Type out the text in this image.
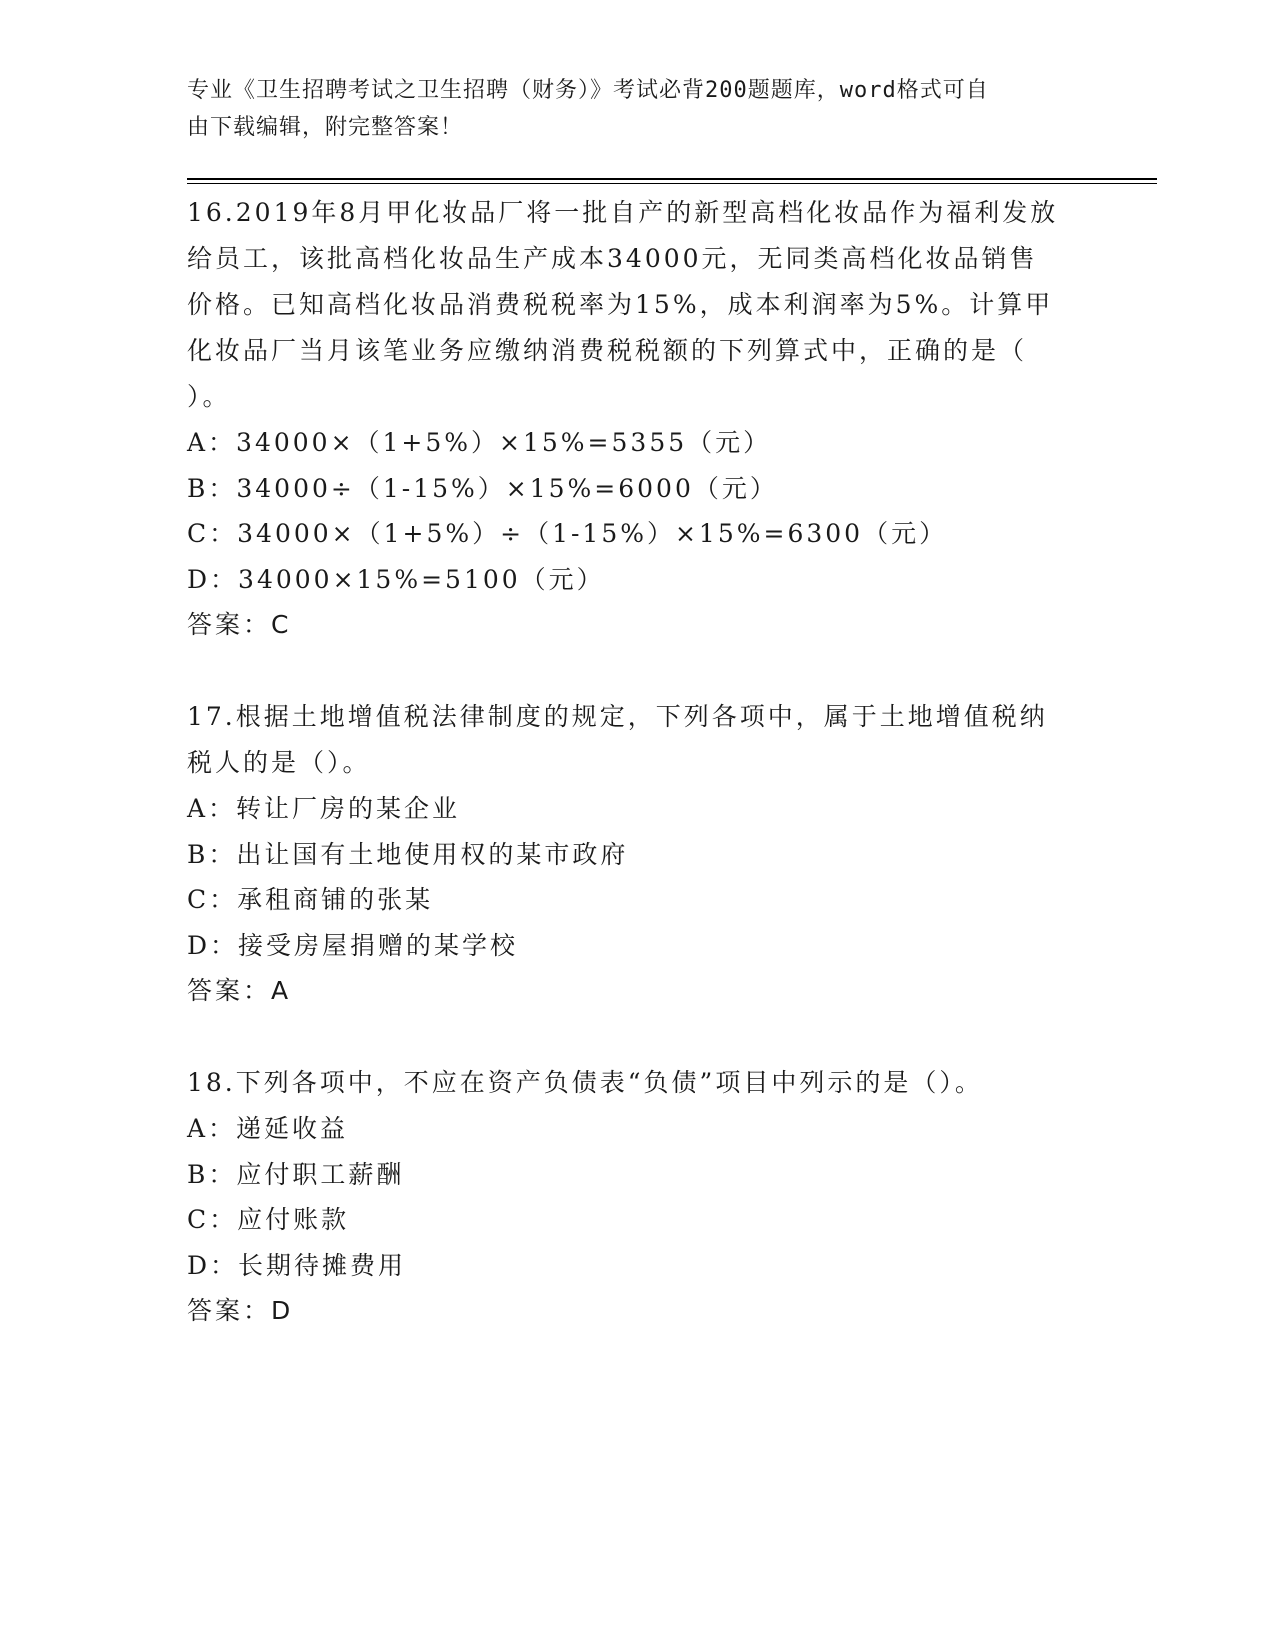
专业《卫生招聘考试之卫生招聘（财务）》考试必背200题题库，word格式可自
由下载编辑，附完整答案！

16.2019年8月甲化妆品厂将一批自产的新型高档化妆品作为福利发放

给员工，该批高档化妆品生产成本34000元，无同类高档化妆品销售

价格。已知高档化妆品消费税税率为15%，成本利润率为5%。计算甲

化妆品厂当月该笔业务应缴纳消费税税额的下列算式中，正确的是（

）。

A：34000×（1+5%）×15%=5355（元）

B：34000÷（1-15%）×15%=6000（元）

C：34000×（1+5%）÷（1-15%）×15%=6300（元）

D：34000×15%=5100（元）

答案：C

17.根据土地增值税法律制度的规定，下列各项中，属于土地增值税纳

税人的是（）。

A：转让厂房的某企业

B：出让国有土地使用权的某市政府

C：承租商铺的张某

D：接受房屋捐赠的某学校

答案：A

18.下列各项中，不应在资产负债表“负债”项目中列示的是（）。

A：递延收益

B：应付职工薪酬

C：应付账款

D：长期待摊费用

答案：D
